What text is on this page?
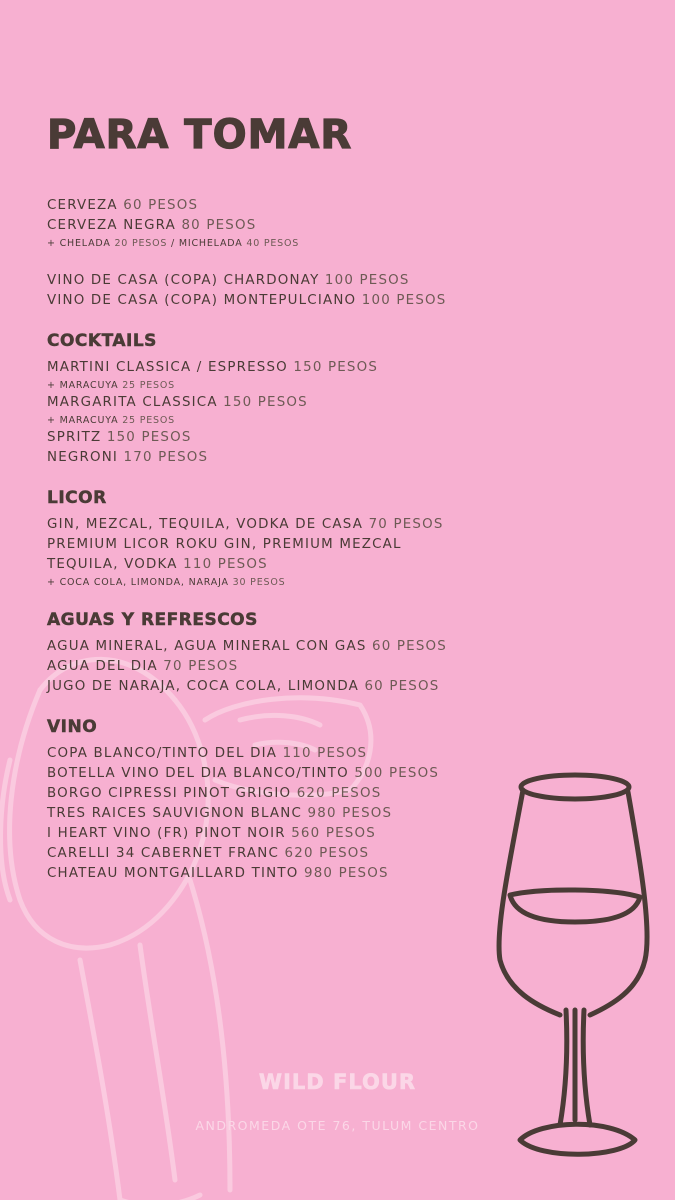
PARA TOMAR

CERVEZA 60 PESOS

CERVEZA NEGRA 80 PESOS

+ CHELADA 20 PESOS / MICHELADA 40 PESOS

VINO DE CASA (COPA) CHARDONAY 100 PESOS

VINO DE CASA (COPA) MONTEPULCIANO 100 PESOS

COCKTAILS

MARTINI CLASSICA / ESPRESSO 150 PESOS

+ MARACUYA 25 PESOS

MARGARITA CLASSICA 150 PESOS

+ MARACUYA 25 PESOS

SPRITZ 150 PESOS

NEGRONI 170 PESOS

LICOR

GIN, MEZCAL, TEQUILA, VODKA DE CASA 70 PESOS

PREMIUM LICOR ROKU GIN, PREMIUM MEZCAL

TEQUILA, VODKA 110 PESOS

+ COCA COLA, LIMONDA, NARAJA 30 PESOS

AGUAS Y REFRESCOS

AGUA MINERAL, AGUA MINERAL CON GAS 60 PESOS

AGUA DEL DIA 70 PESOS

JUGO DE NARAJA, COCA COLA, LIMONDA 60 PESOS

VINO

COPA BLANCO/TINTO DEL DIA 110 PESOS

BOTELLA VINO DEL DIA BLANCO/TINTO 500 PESOS

BORGO CIPRESSI PINOT GRIGIO 620 PESOS

TRES RAICES SAUVIGNON BLANC 980 PESOS

I HEART VINO (FR) PINOT NOIR 560 PESOS

CARELLI 34 CABERNET FRANC 620 PESOS

CHATEAU MONTGAILLARD TINTO 980 PESOS

WILD FLOUR
ANDROMEDA OTE 76, TULUM CENTRO
